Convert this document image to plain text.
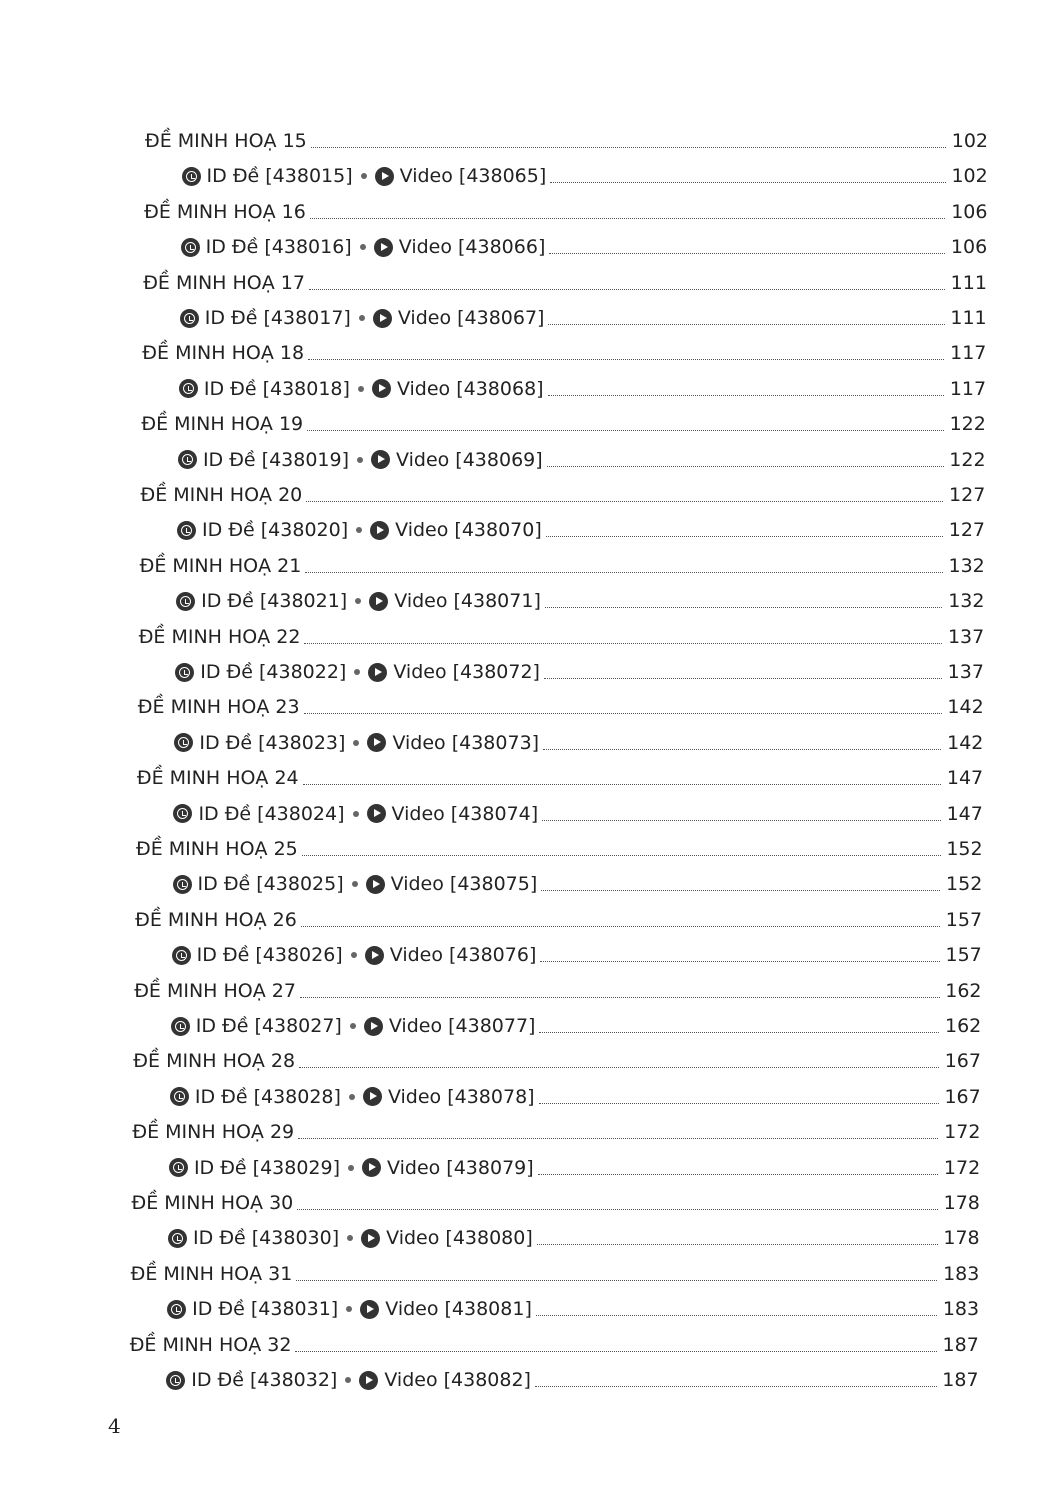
ĐỀ MINH HOẠ 15	102
ID Đề [438015] Video [438065]	102
ĐỀ MINH HOẠ 16	106
ID Đề [438016] Video [438066]	106
ĐỀ MINH HOẠ 17	111
ID Đề [438017] Video [438067]	111
ĐỀ MINH HOẠ 18	117
ID Đề [438018] Video [438068]	117
ĐỀ MINH HOẠ 19	122
ID Đề [438019] Video [438069]	122
ĐỀ MINH HOẠ 20	127
ID Đề [438020] Video [438070]	127
ĐỀ MINH HOẠ 21	132
ID Đề [438021] Video [438071]	132
ĐỀ MINH HOẠ 22	137
ID Đề [438022] Video [438072]	137
ĐỀ MINH HOẠ 23	142
ID Đề [438023] Video [438073]	142
ĐỀ MINH HOẠ 24	147
ID Đề [438024] Video [438074]	147
ĐỀ MINH HOẠ 25	152
ID Đề [438025] Video [438075]	152
ĐỀ MINH HOẠ 26	157
ID Đề [438026] Video [438076]	157
ĐỀ MINH HOẠ 27	162
ID Đề [438027] Video [438077]	162
ĐỀ MINH HOẠ 28	167
ID Đề [438028] Video [438078]	167
ĐỀ MINH HOẠ 29	172
ID Đề [438029] Video [438079]	172
ĐỀ MINH HOẠ 30	178
ID Đề [438030] Video [438080]	178
ĐỀ MINH HOẠ 31	183
ID Đề [438031] Video [438081]	183
ĐỀ MINH HOẠ 32	187
ID Đề [438032] Video [438082]	187
4
